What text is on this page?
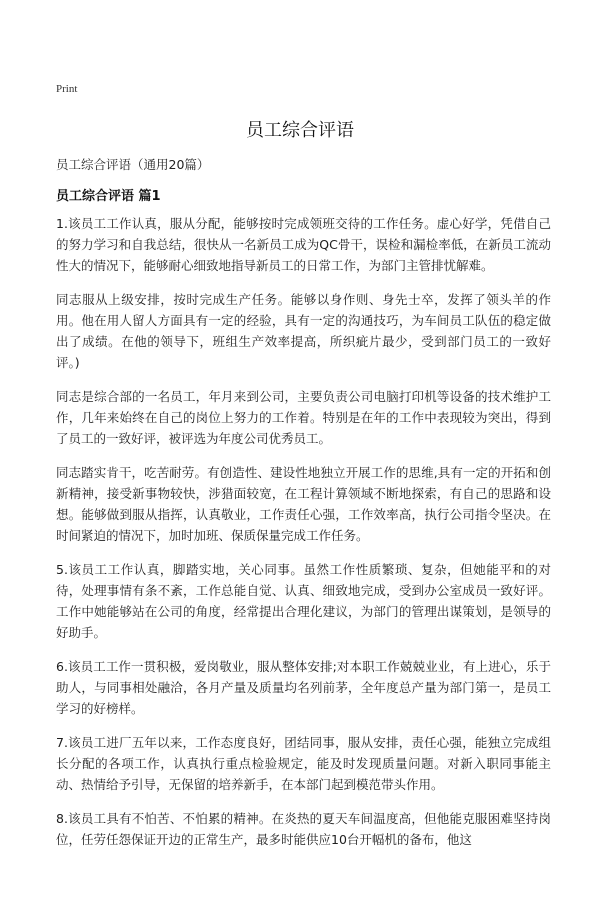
Print
员工综合评语

员工综合评语（通用20篇）

员工综合评语 篇1

1.该员工工作认真，服从分配，能够按时完成领班交待的工作任务。虚心好学，凭借自己的努力学习和自我总结，很快从一名新员工成为QC骨干，误检和漏检率低，在新员工流动性大的情况下，能够耐心细致地指导新员工的日常工作，为部门主管排忧解难。

同志服从上级安排，按时完成生产任务。能够以身作则、身先士卒，发挥了领头羊的作用。他在用人留人方面具有一定的经验，具有一定的沟通技巧，为车间员工队伍的稳定做出了成绩。在他的领导下，班组生产效率提高，所织疵片最少，受到部门员工的一致好评。)

同志是综合部的一名员工，年月来到公司，主要负责公司电脑打印机等设备的技术维护工作，几年来始终在自己的岗位上努力的工作着。特别是在年的工作中表现较为突出，得到了员工的一致好评，被评选为年度公司优秀员工。

同志踏实肯干，吃苦耐劳。有创造性、建设性地独立开展工作的思维,具有一定的开拓和创新精神，接受新事物较快，涉猎面较宽，在工程计算领域不断地探索，有自己的思路和设想。能够做到服从指挥，认真敬业，工作责任心强，工作效率高，执行公司指令坚决。在时间紧迫的情况下，加时加班、保质保量完成工作任务。

5.该员工工作认真，脚踏实地，关心同事。虽然工作性质繁琐、复杂，但她能平和的对待，处理事情有条不紊，工作总能自觉、认真、细致地完成，受到办公室成员一致好评。工作中她能够站在公司的角度，经常提出合理化建议，为部门的管理出谋策划，是领导的好助手。

6.该员工工作一贯积极，爱岗敬业，服从整体安排;对本职工作兢兢业业，有上进心，乐于助人，与同事相处融洽，各月产量及质量均名列前茅，全年度总产量为部门第一，是员工学习的好榜样。

7.该员工进厂五年以来，工作态度良好，团结同事，服从安排，责任心强，能独立完成组长分配的各项工作，认真执行重点检验规定，能及时发现质量问题。对新入职同事能主动、热情给予引导，无保留的培养新手，在本部门起到模范带头作用。

8.该员工具有不怕苦、不怕累的精神。在炎热的夏天车间温度高，但他能克服困难坚持岗位，任劳任怨保证开边的正常生产，最多时能供应10台开幅机的备布，他这
